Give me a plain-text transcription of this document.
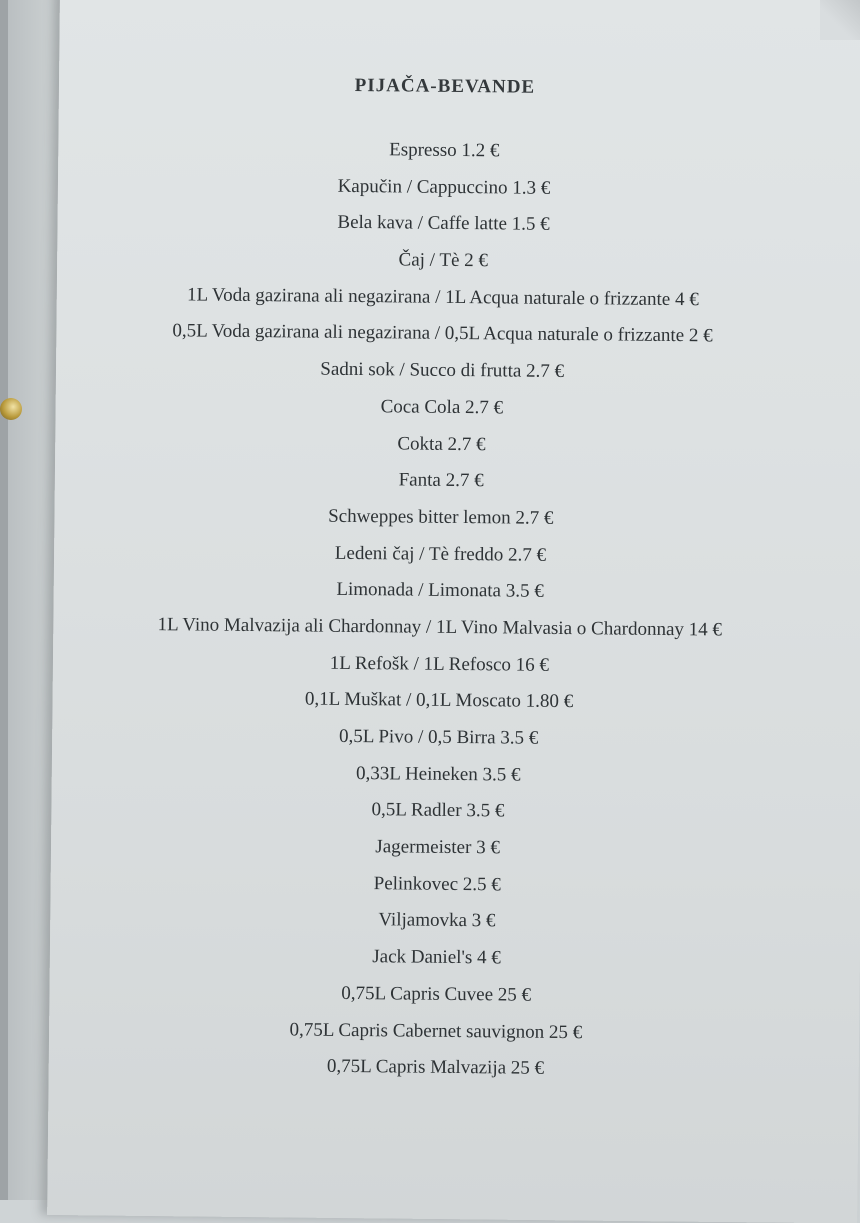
PIJAČA-BEVANDE
Espresso 1.2 €
Kapučin / Cappuccino 1.3 €
Bela kava / Caffe latte 1.5 €
Čaj / Tè 2 €
1L Voda gazirana ali negazirana / 1L Acqua naturale o frizzante 4 €
0,5L Voda gazirana ali negazirana / 0,5L Acqua naturale o frizzante 2 €
Sadni sok / Succo di frutta 2.7 €
Coca Cola 2.7 €
Cokta 2.7 €
Fanta 2.7 €
Schweppes bitter lemon 2.7 €
Ledeni čaj / Tè freddo 2.7 €
Limonada / Limonata 3.5 €
1L Vino Malvazija ali Chardonnay / 1L Vino Malvasia o Chardonnay 14 €
1L Refošk / 1L Refosco 16 €
0,1L Muškat / 0,1L Moscato 1.80 €
0,5L Pivo / 0,5 Birra 3.5 €
0,33L Heineken 3.5 €
0,5L Radler 3.5 €
Jagermeister 3 €
Pelinkovec 2.5 €
Viljamovka 3 €
Jack Daniel's 4 €
0,75L Capris Cuvee 25 €
0,75L Capris Cabernet sauvignon 25 €
0,75L Capris Malvazija 25 €
